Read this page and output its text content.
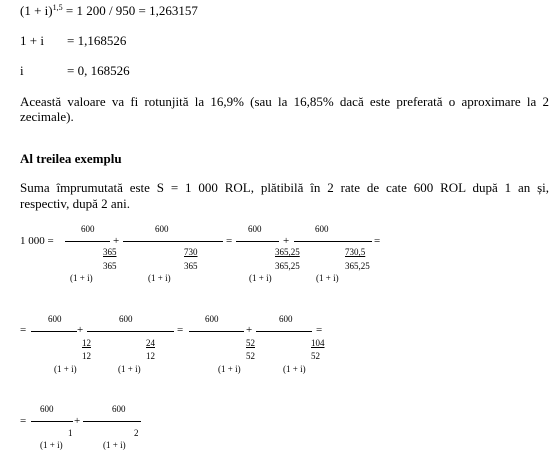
$(1 + i)^{1,5} = 1$ 200 / 950 = 1,263157
1 + i = 1,168526
i	= 0, 168526
Această valoare va fi rotunjită la 16,9% (sau la 16,85% dacă este preferată o aproximare la 2
zecimale).
Al treilea exemplu
Suma împrumutată este S = 1 000 ROL, plătibilă în 2 rate de cate 600 ROL după 1 an și,
respectiv, după 2 ani.
1 000 =
600
365
365
(1 + i)
+
600
730
365
(1 + i)
=
600
365,25
365,25
(1 + i)
+
600
730,5
365,25
(1 + i)
=
=
600
12
12
(1 + i)
+
600
24
12
(1 + i)
=
600
52
52
(1 + i)
+
600
104
52
(1 + i)
=
=
600
1
(1 + i)
+
600
2
(1 + i)
